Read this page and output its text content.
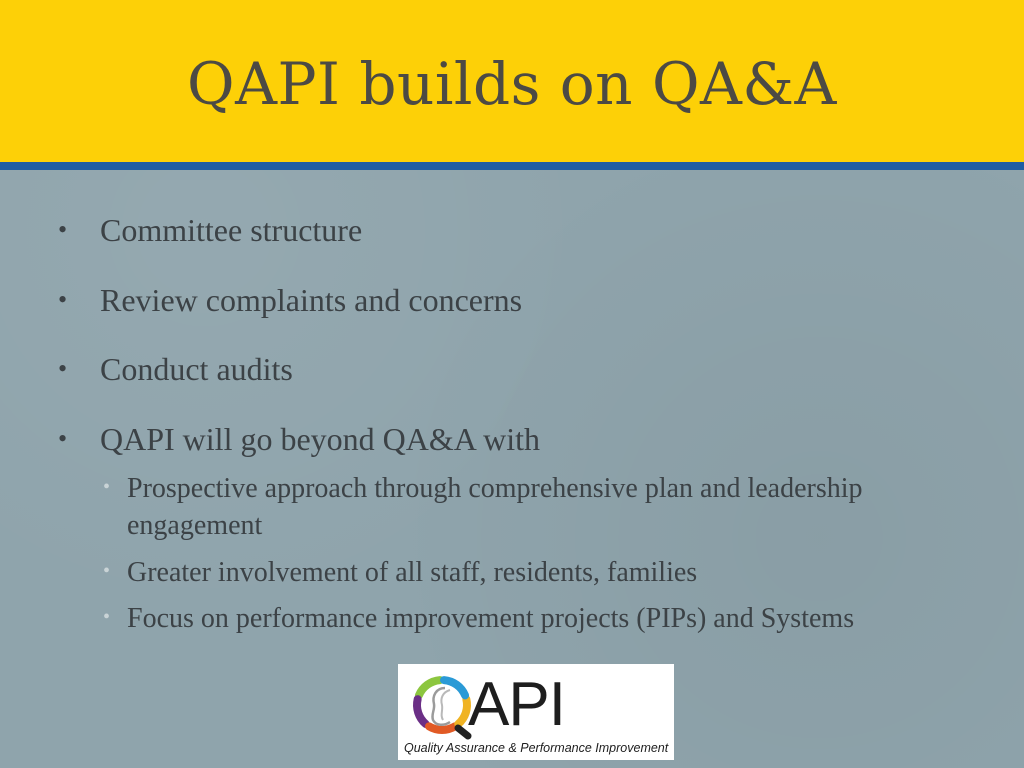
QAPI builds on QA&A
• Committee structure
• Review complaints and concerns
• Conduct audits
• QAPI will go beyond QA&A with
• Prospective approach through comprehensive plan and leadership engagement
• Greater involvement of all staff, residents, families
• Focus on performance improvement projects (PIPs) and Systems
API
Quality Assurance & Performance Improvement
